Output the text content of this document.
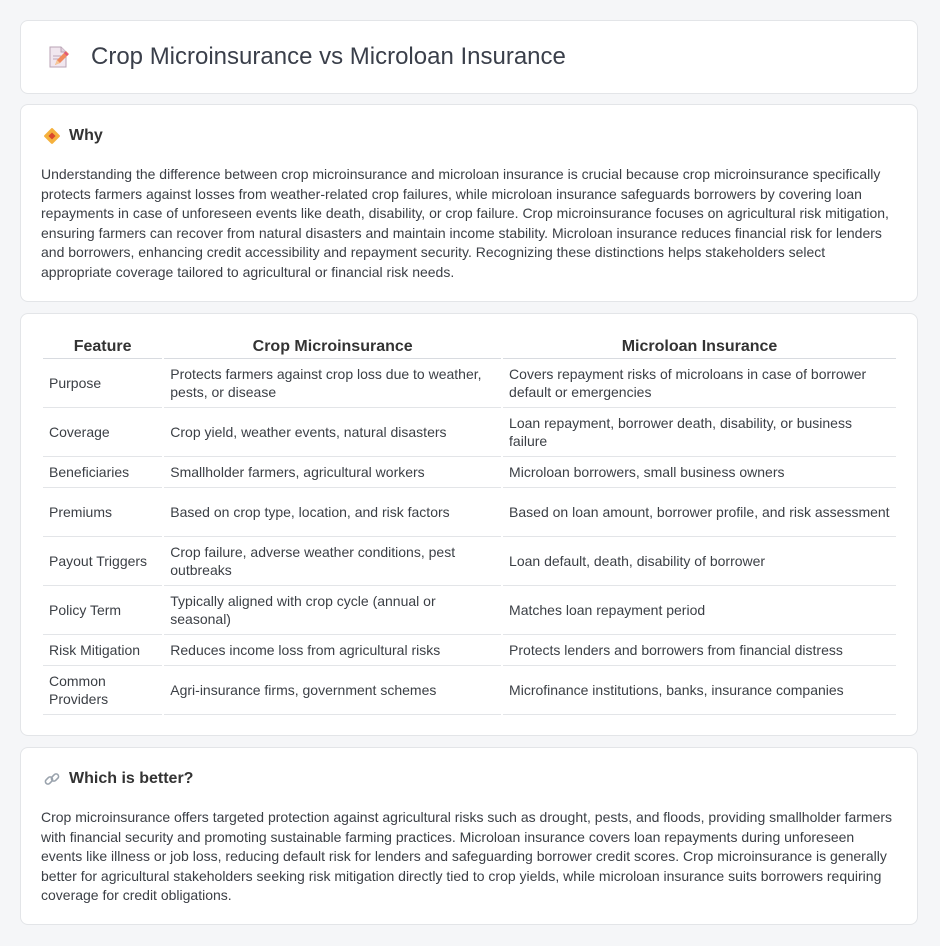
Crop Microinsurance vs Microloan Insurance
Why

Understanding the difference between crop microinsurance and microloan insurance is crucial because crop microinsurance specifically protects farmers against losses from weather-related crop failures, while microloan insurance safeguards borrowers by covering loan repayments in case of unforeseen events like death, disability, or crop failure. Crop microinsurance focuses on agricultural risk mitigation, ensuring farmers can recover from natural disasters and maintain income stability. Microloan insurance reduces financial risk for lenders and borrowers, enhancing credit accessibility and repayment security. Recognizing these distinctions helps stakeholders select appropriate coverage tailored to agricultural or financial risk needs.

Feature	Crop Microinsurance	Microloan Insurance
Purpose	Protects farmers against crop loss due to weather, pests, or disease	Covers repayment risks of microloans in case of borrower default or emergencies
Coverage	Crop yield, weather events, natural disasters	Loan repayment, borrower death, disability, or business failure
Beneficiaries	Smallholder farmers, agricultural workers	Microloan borrowers, small business owners
Premiums	Based on crop type, location, and risk factors	Based on loan amount, borrower profile, and risk assessment
Payout Triggers	Crop failure, adverse weather conditions, pest outbreaks	Loan default, death, disability of borrower
Policy Term	Typically aligned with crop cycle (annual or seasonal)	Matches loan repayment period
Risk Mitigation	Reduces income loss from agricultural risks	Protects lenders and borrowers from financial distress
Common Providers	Agri-insurance firms, government schemes	Microfinance institutions, banks, insurance companies
Which is better?

Crop microinsurance offers targeted protection against agricultural risks such as drought, pests, and floods, providing smallholder farmers with financial security and promoting sustainable farming practices. Microloan insurance covers loan repayments during unforeseen events like illness or job loss, reducing default risk for lenders and safeguarding borrower credit scores. Crop microinsurance is generally better for agricultural stakeholders seeking risk mitigation directly tied to crop yields, while microloan insurance suits borrowers requiring coverage for credit obligations.
